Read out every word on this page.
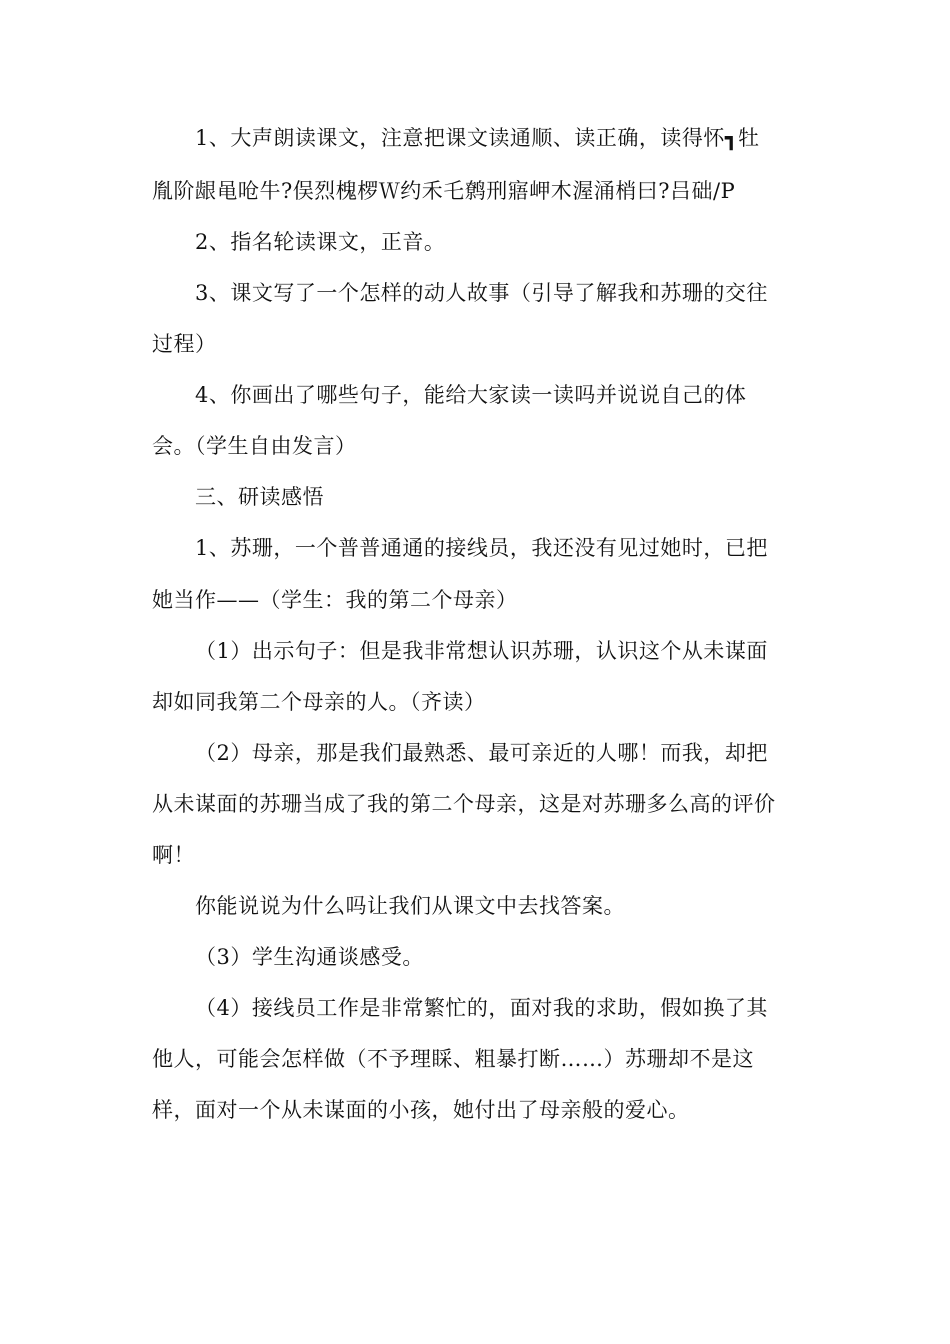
1、大声朗读课文，注意把课文读通顺、读正确，读得怀┓牡

胤阶龈黾呛牛?俣烈槐椤Ｗ约禾乇鹩刑寤岬木渥涌梢曰?吕础/P

2、指名轮读课文，正音。

3、课文写了一个怎样的动人故事（引导了解我和苏珊的交往

过程）

4、你画出了哪些句子，能给大家读一读吗并说说自己的体

会。（学生自由发言）

三、研读感悟

1、苏珊，一个普普通通的接线员，我还没有见过她时，已把

她当作——（学生：我的第二个母亲）

（1）出示句子：但是我非常想认识苏珊，认识这个从未谋面

却如同我第二个母亲的人。（齐读）

（2）母亲，那是我们最熟悉、最可亲近的人哪！而我，却把

从未谋面的苏珊当成了我的第二个母亲，这是对苏珊多么高的评价

啊！

你能说说为什么吗让我们从课文中去找答案。

（3）学生沟通谈感受。

（4）接线员工作是非常繁忙的，面对我的求助，假如换了其

他人，可能会怎样做（不予理睬、粗暴打断……）苏珊却不是这

样，面对一个从未谋面的小孩，她付出了母亲般的爱心。
